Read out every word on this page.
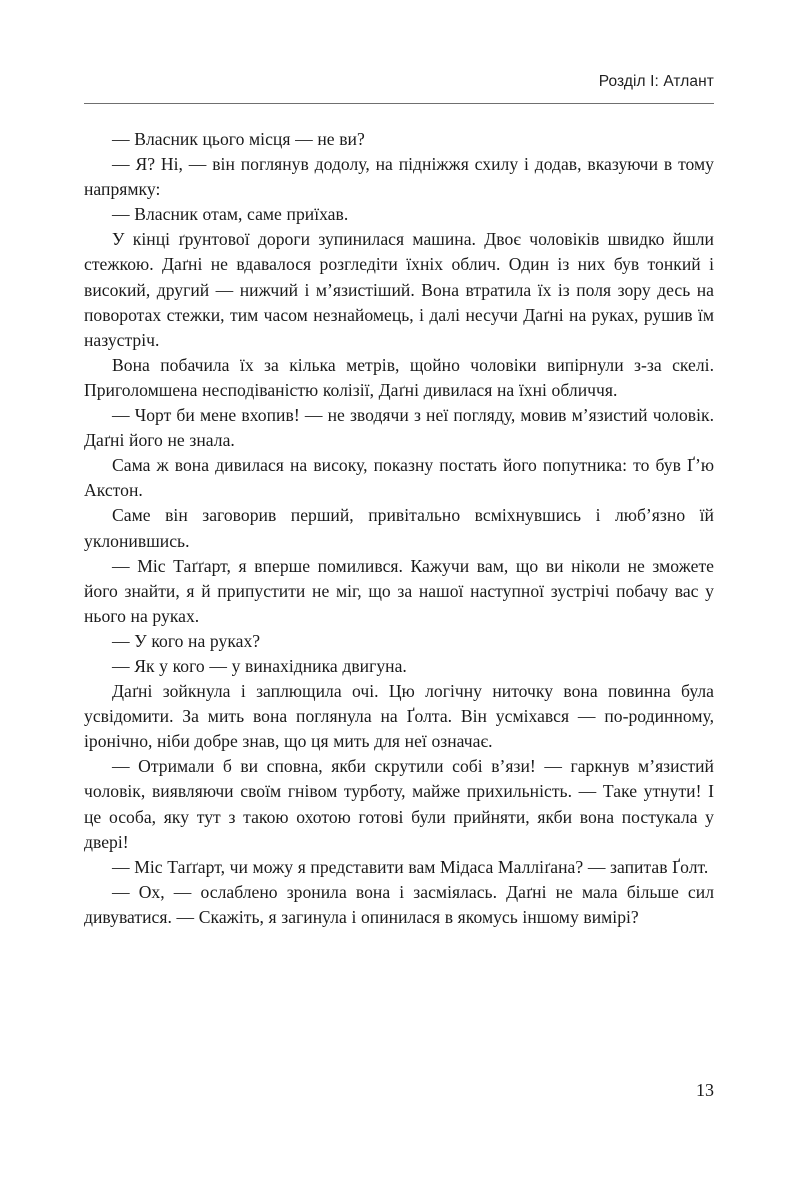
Розділ I: Атлант

— Власник цього місця — не ви?

— Я? Ні, — він поглянув додолу, на підніжжя схилу і додав, вказуючи в тому напрямку:

— Власник отам, саме приїхав.

У кінці ґрунтової дороги зупинилася машина. Двоє чоловіків швидко йшли стежкою. Даґні не вдавалося розгледіти їхніх облич. Один із них був тонкий і високий, другий — нижчий і м’язистіший. Вона втратила їх із поля зору десь на поворотах стежки, тим часом незнайомець, і далі несучи Даґні на руках, рушив їм назустріч.

Вона побачила їх за кілька метрів, щойно чоловіки випірнули з-за скелі. Приголомшена несподіваністю колізії, Даґні дивилася на їхні обличчя.

— Чорт би мене вхопив! — не зводячи з неї погляду, мовив м’язистий чоловік. Даґні його не знала.

Сама ж вона дивилася на високу, показну постать його попутника: то був Ґ’ю Акстон.

Саме він заговорив перший, привітально всміхнувшись і люб’язно їй уклонившись.

— Міс Таґґарт, я вперше помилився. Кажучи вам, що ви ніколи не зможете його знайти, я й припустити не міг, що за нашої наступної зустрічі побачу вас у нього на руках.

— У кого на руках?

— Як у кого — у винахідника двигуна.

Даґні зойкнула і заплющила очі. Цю логічну ниточку вона повинна була усвідомити. За мить вона поглянула на Ґолта. Він усміхався — по-родинному, іронічно, ніби добре знав, що ця мить для неї означає.

— Отримали б ви сповна, якби скрутили собі в’язи! — гаркнув м’язистий чоловік, виявляючи своїм гнівом турботу, майже прихильність. — Таке утнути! І це особа, яку тут з такою охотою готові були прийняти, якби вона постукала у двері!

— Міс Таґґарт, чи можу я представити вам Мідаса Малліґана? — запитав Ґолт.

— Ох, — ослаблено зронила вона і засміялась. Даґні не мала більше сил дивуватися. — Скажіть, я загинула і опинилася в якомусь іншому вимірі?

13
